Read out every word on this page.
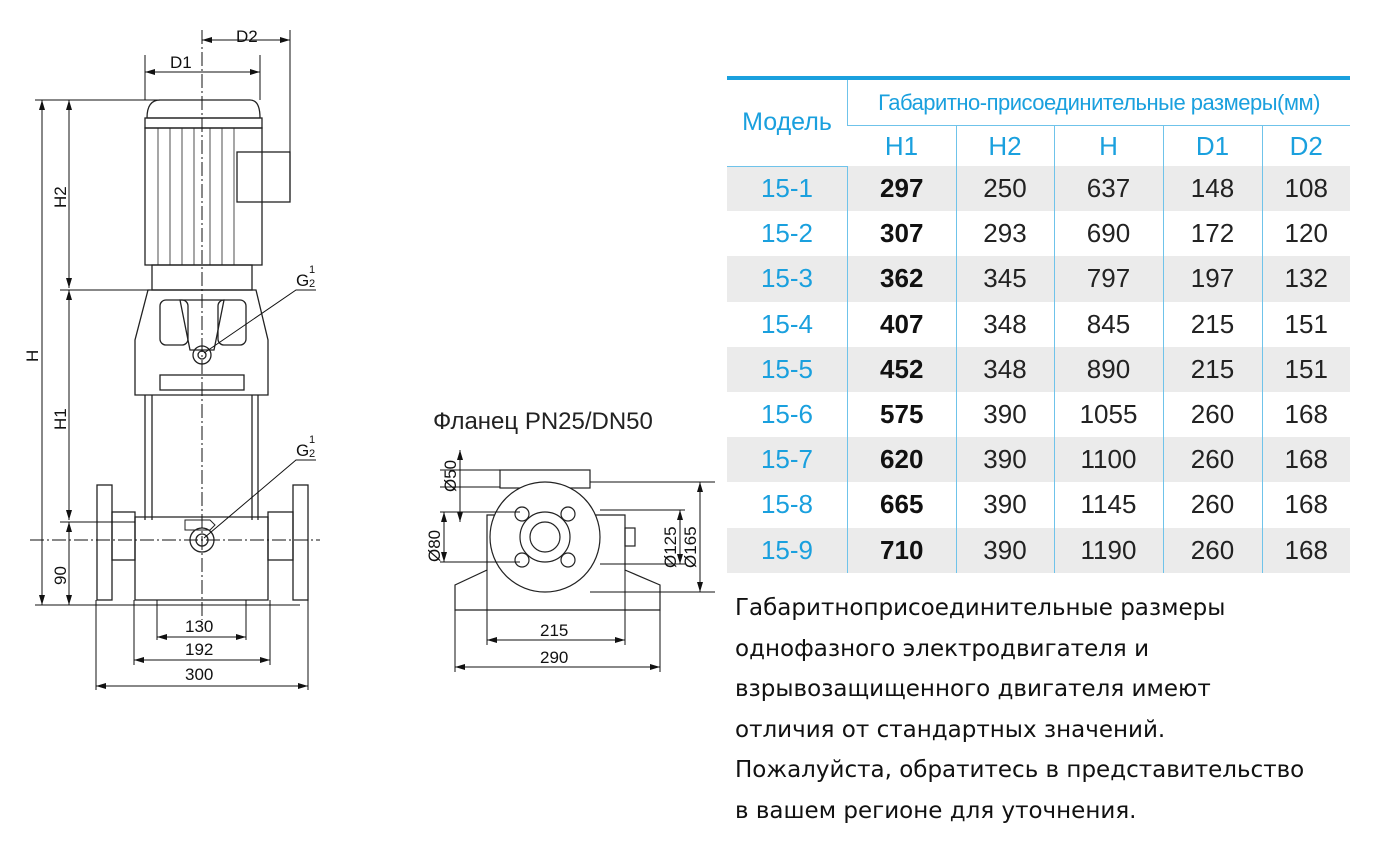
D2
D1
H
H2
H1
90
130
192
300
G
1
2
G
1
2
Ø50
Ø80	Ø125 Ø165
215
290
Фланец PN25/DN50
Модель	Габаритно-присоединительные размеры(мм)				
	H1	H2	H	D1	D2
15-1	297	250	637	148	108
15-2	307	293	690	172	120
15-3	362	345	797	197	132
15-4	407	348	845	215	151
15-5	452	348	890	215	151
15-6	575	390	1055	260	168
15-7	620	390	1100	260	168
15-8	665	390	1145	260	168
15-9	710	390	1190	260	168
Габаритноприсоединительные размеры
однофазного электродвигателя и
взрывозащищенного двигателя имеют
отличия от стандартных значений.
Пожалуйста, обратитесь в представительство
в вашем регионе для уточнения.
